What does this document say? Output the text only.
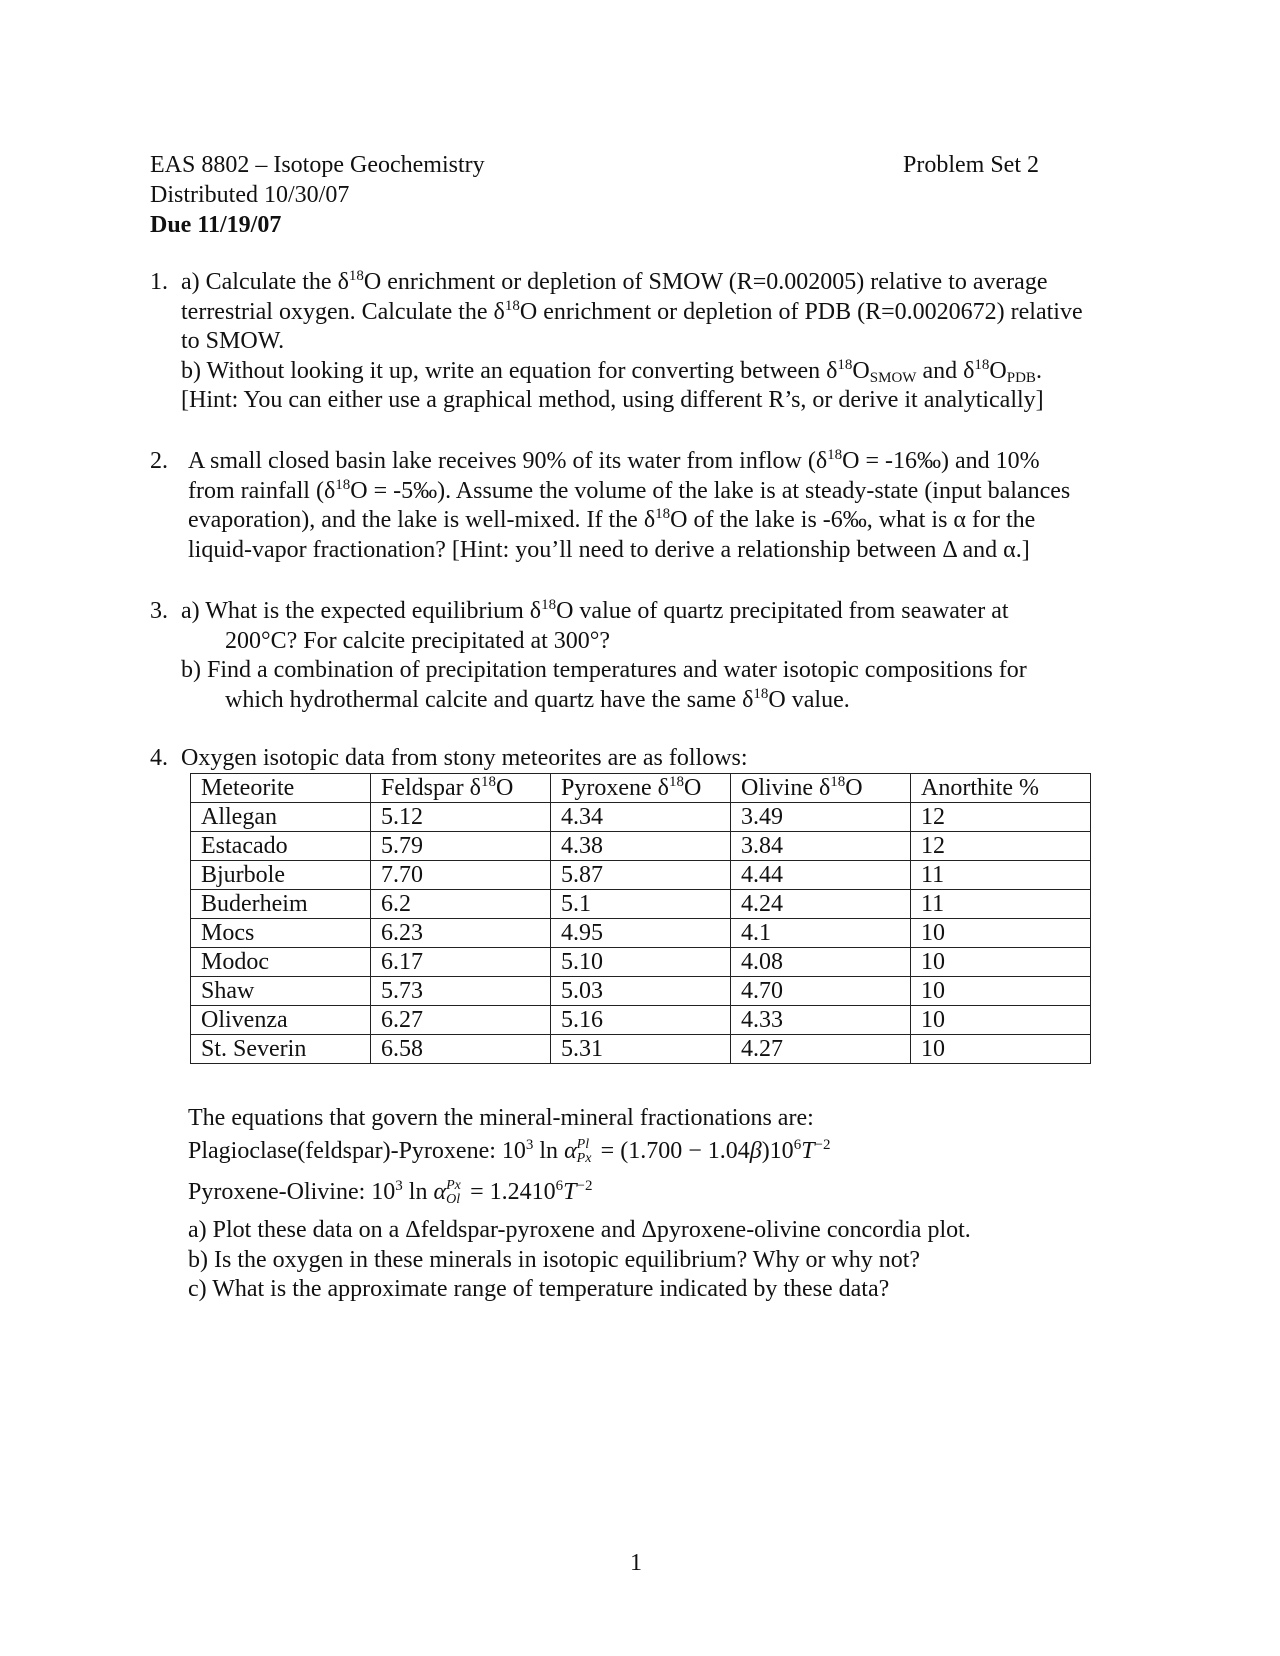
EAS 8802 – Isotope Geochemistry
Distributed 10/30/07
Due 11/19/07
Problem Set 2
1. a) Calculate the $\delta^{18}O$ enrichment or depletion of SMOW (R=0.002005) relative to average
terrestrial oxygen. Calculate the $\delta^{18}O$ enrichment or depletion of PDB (R=0.0020672) relative
to SMOW.
b) Without looking it up, write an equation for converting between $\delta^{18}O_{SMOW}$ and $\delta^{18}O_{PDB}$.
[Hint: You can either use a graphical method, using different R’s, or derive it analytically]
2. A small closed basin lake receives 90% of its water from inflow ($\delta^{18}O$ = -16‰) and 10%
from rainfall ($\delta^{18}O$ = -5‰). Assume the volume of the lake is at steady-state (input balances
evaporation), and the lake is well-mixed. If the $\delta^{18}O$ of the lake is -6‰, what is α for the
liquid-vapor fractionation? [Hint: you’ll need to derive a relationship between Δ and α.]
3. a) What is the expected equilibrium $\delta^{18}O$ value of quartz precipitated from seawater at
200°C? For calcite precipitated at 300°?
b) Find a combination of precipitation temperatures and water isotopic compositions for
which hydrothermal calcite and quartz have the same $\delta^{18}O$ value.
4. Oxygen isotopic data from stony meteorites are as follows:
Meteorite	Feldspar $\delta^{18}O$	Pyroxene $\delta^{18}O$	Olivine $\delta^{18}O$	Anorthite %
Allegan	5.12	4.34	3.49	12
Estacado	5.79	4.38	3.84	12
Bjurbole	7.70	5.87	4.44	11
Buderheim	6.2	5.1	4.24	11
Mocs	6.23	4.95	4.1	10
Modoc	6.17	5.10	4.08	10
Shaw	5.73	5.03	4.70	10
Olivenza	6.27	5.16	4.33	10
St. Severin	6.58	5.31	4.27	10
The equations that govern the mineral-mineral fractionations are:
Plagioclase(feldspar)-Pyroxene: $10^3$ ln α Pl
$Px = (1.700 - 1.04\beta)10^6T^{-2}$
Pyroxene-Olivine: $10^3$ ln α Px
$Ol = 1.2410^6T^{-2}$
a) Plot these data on a Δfeldspar-pyroxene and Δpyroxene-olivine concordia plot.
b) Is the oxygen in these minerals in isotopic equilibrium? Why or why not?
c) What is the approximate range of temperature indicated by these data?
1
